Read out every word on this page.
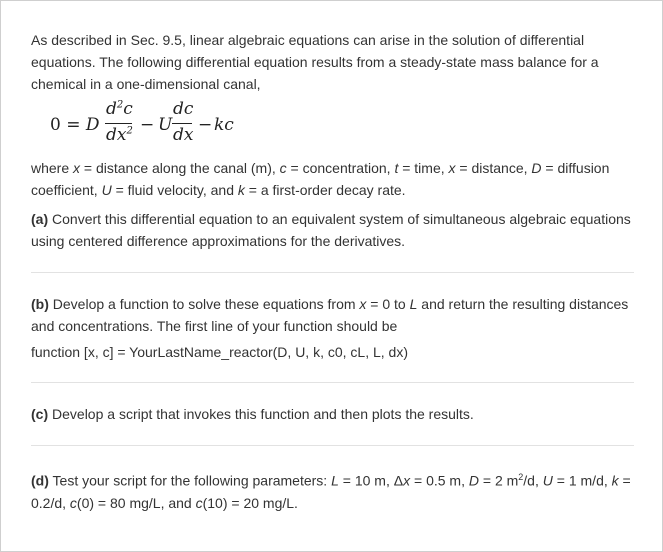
As described in Sec. 9.5, linear algebraic equations can arise in the solution of differential equations. The following differential equation results from a steady-state mass balance for a chemical in a one-dimensional canal,

0 = D
$d^2c$
$dx^2 - U$
dc
dx − kc

where x = distance along the canal (m), c = concentration, t = time, x = distance, D = diffusion coefficient, U = fluid velocity, and k = a first-order decay rate.

(a) Convert this differential equation to an equivalent system of simultaneous algebraic equations using centered difference approximations for the derivatives.

(b) Develop a function to solve these equations from x = 0 to L and return the resulting distances and concentrations. The first line of your function should be

function [x, c] = YourLastName_reactor(D, U, k, c0, cL, L, dx)

(c) Develop a script that invokes this function and then plots the results.

(d) Test your script for the following parameters: L = 10 m, Δx = 0.5 m, D = 2 $m^2/d$, U = 1 m/d, k = 0.2/d, c(0) = 80 mg/L, and c(10) = 20 mg/L.
